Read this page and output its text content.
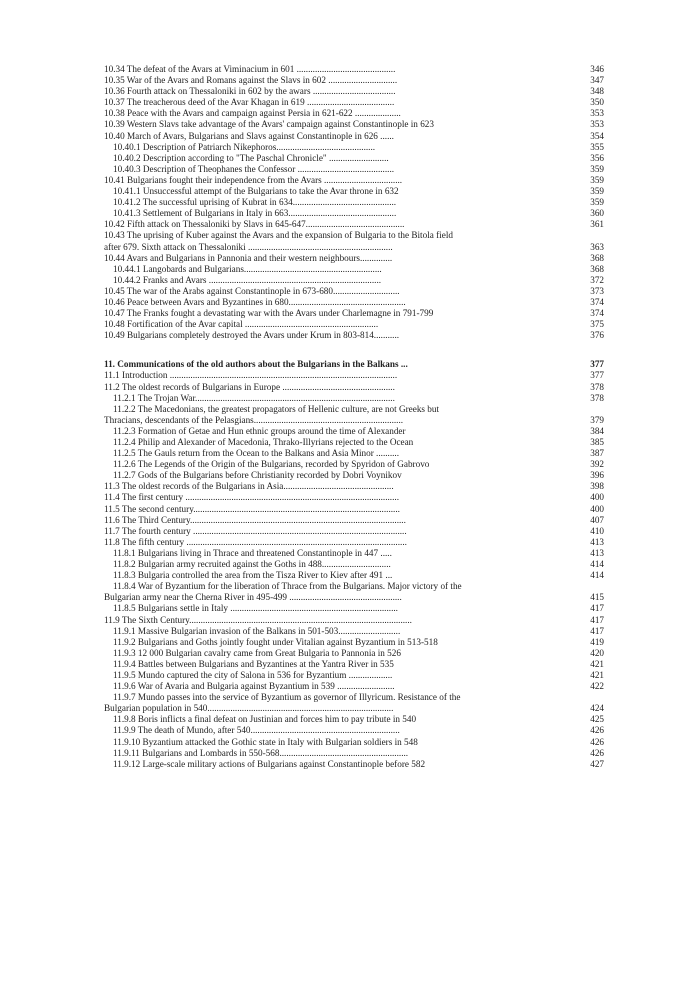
10.34 The defeat of the Avars at Viminacium in 601 ...........................................	346
10.35 War of the Avars and Romans against the Slavs in 602 ..............................	347
10.36 Fourth attack on Thessaloniki in 602 by the awars ....................................	348
10.37 The treacherous deed of the Avar Khagan in 619 ......................................	350
10.38 Peace with the Avars and campaign against Persia in 621-622 ....................	353
10.39 Western Slavs take advantage of the Avars' campaign against Constantinople in 623	353
10.40 March of Avars, Bulgarians and Slavs against Constantinople in 626 ......	354
10.40.1 Description of Patriarch Nikephoros...........................................	355
10.40.2 Description according to "The Paschal Chronicle" ..........................	356
10.40.3 Description of Theophanes the Confessor ..........................................	359
10.41 Bulgarians fought their independence from the Avars ..................................	359
10.41.1 Unsuccessful attempt of the Bulgarians to take the Avar throne in 632	359
10.41.2 The successful uprising of Kubrat in 634.............................................	359
10.41.3 Settlement of Bulgarians in Italy in 663...............................................	360
10.42 Fifth attack on Thessaloniki by Slavs in 645-647...........................................	361
10.43 The uprising of Kuber against the Avars and the expansion of Bulgaria to the Bitola field
after 679. Sixth attack on Thessaloniki ...............................................................	363
10.44 Avars and Bulgarians in Pannonia and their western neighbours..............	368
10.44.1 Langobards and Bulgarians............................................................	368
10.44.2 Franks and Avars ...........................................................................	372
10.45 The war of the Arabs against Constantinople in 673-680.............................	373
10.46 Peace between Avars and Byzantines in 680...................................................	374
10.47 The Franks fought a devastating war with the Avars under Charlemagne in 791-799	374
10.48 Fortification of the Avar capital ..........................................................	375
10.49 Bulgarians completely destroyed the Avars under Krum in 803-814...........	376
11. Communications of the old authors about the Bulgarians in the Balkans ...	377
11.1 Introduction ...................................................................................................	377
11.2 The oldest records of Bulgarians in Europe .................................................	378
11.2.1 The Trojan War.......................................................................................	378
11.2.2 The Macedonians, the greatest propagators of Hellenic culture, are not Greeks but
Thracians, descendants of the Pelasgians.................................................................	379
11.2.3 Formation of Getae and Hun ethnic groups around the time of Alexander	384
11.2.4 Philip and Alexander of Macedonia, Thrako-Illyrians rejected to the Ocean	385
11.2.5 The Gauls return from the Ocean to the Balkans and Asia Minor ..........	387
11.2.6 The Legends of the Origin of the Bulgarians, recorded by Spyridon of Gabrovo	392
11.2.7 Gods of the Bulgarians before Christianity recorded by Dobri Voynikov	396
11.3 The oldest records of the Bulgarians in Asia................................................	398
11.4 The first century .............................................................................................	400
11.5 The second century..........................................................................................	400
11.6 The Third Century..............................................................................................	407
11.7 The fourth century .............................................................................................	410
11.8 The fifth century ................................................................................................	413
11.8.1 Bulgarians living in Thrace and threatened Constantinople in 447 .....	413
11.8.2 Bulgarian army recruited against the Goths in 488..............................	414
11.8.3 Bulgaria controlled the area from the Tisza River to Kiev after 491 ...	414
11.8.4 War of Byzantium for the liberation of Thrace from the Bulgarians. Major victory of the
Bulgarian army near the Cherna River in 495-499 .................................................	415
11.8.5 Bulgarians settle in Italy .........................................................................	417
11.9 The Sixth Century.................................................................................................	417
11.9.1 Massive Bulgarian invasion of the Balkans in 501-503...........................	417
11.9.2 Bulgarians and Goths jointly fought under Vitalian against Byzantium in 513-518	419
11.9.3 12 000 Bulgarian cavalry came from Great Bulgaria to Pannonia in 526	420
11.9.4 Battles between Bulgarians and Byzantines at the Yantra River in 535	421
11.9.5 Mundo captured the city of Salona in 536 for Byzantium ...................	421
11.9.6 War of Avaria and Bulgaria against Byzantium in 539 .........................	422
11.9.7 Mundo passes into the service of Byzantium as governor of Illyricum. Resistance of the
Bulgarian population in 540.................................................................................	424
11.9.8 Boris inflicts a final defeat on Justinian and forces him to pay tribute in 540	425
11.9.9 The death of Mundo, after 540.................................................................	426
11.9.10 Byzantium attacked the Gothic state in Italy with Bulgarian soldiers in 548	426
11.9.11 Bulgarians and Lombards in 550-568........................................................	426
11.9.12 Large-scale military actions of Bulgarians against Constantinople before 582	427
